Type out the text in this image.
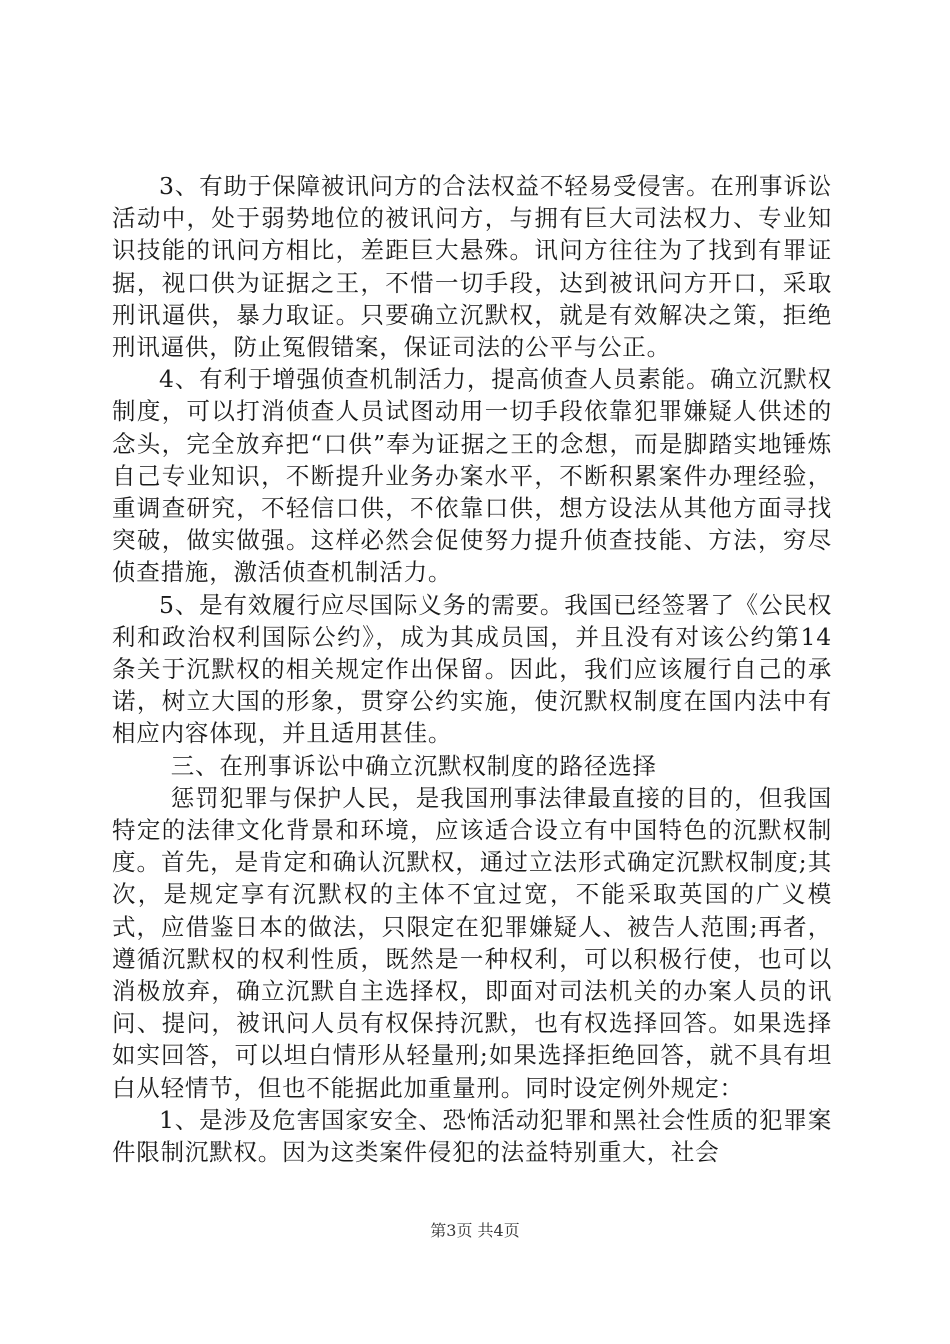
3、有助于保障被讯问方的合法权益不轻易受侵害。在刑事诉讼活动中，处于弱势地位的被讯问方，与拥有巨大司法权力、专业知识技能的讯问方相比，差距巨大悬殊。讯问方往往为了找到有罪证据，视口供为证据之王，不惜一切手段，达到被讯问方开口，采取刑讯逼供，暴力取证。只要确立沉默权，就是有效解决之策，拒绝刑讯逼供，防止冤假错案，保证司法的公平与公正。

4、有利于增强侦查机制活力，提高侦查人员素能。确立沉默权制度，可以打消侦查人员试图动用一切手段依靠犯罪嫌疑人供述的念头，完全放弃把“口供”奉为证据之王的念想，而是脚踏实地锤炼自己专业知识，不断提升业务办案水平，不断积累案件办理经验，重调查研究，不轻信口供，不依靠口供，想方设法从其他方面寻找突破，做实做强。这样必然会促使努力提升侦查技能、方法，穷尽侦查措施，激活侦查机制活力。

5、是有效履行应尽国际义务的需要。我国已经签署了《公民权利和政治权利国际公约》，成为其成员国，并且没有对该公约第14条关于沉默权的相关规定作出保留。因此，我们应该履行自己的承诺，树立大国的形象，贯穿公约实施，使沉默权制度在国内法中有相应内容体现，并且适用甚佳。

三、在刑事诉讼中确立沉默权制度的路径选择

惩罚犯罪与保护人民，是我国刑事法律最直接的目的，但我国特定的法律文化背景和环境，应该适合设立有中国特色的沉默权制度。首先，是肯定和确认沉默权，通过立法形式确定沉默权制度;其次，是规定享有沉默权的主体不宜过宽，不能采取英国的广义模式，应借鉴日本的做法，只限定在犯罪嫌疑人、被告人范围;再者，遵循沉默权的权利性质，既然是一种权利，可以积极行使，也可以消极放弃，确立沉默自主选择权，即面对司法机关的办案人员的讯问、提问，被讯问人员有权保持沉默，也有权选择回答。如果选择如实回答，可以坦白情形从轻量刑;如果选择拒绝回答，就不具有坦白从轻情节，但也不能据此加重量刑。同时设定例外规定：

1、是涉及危害国家安全、恐怖活动犯罪和黑社会性质的犯罪案件限制沉默权。因为这类案件侵犯的法益特别重大，社会

第3页 共4页
